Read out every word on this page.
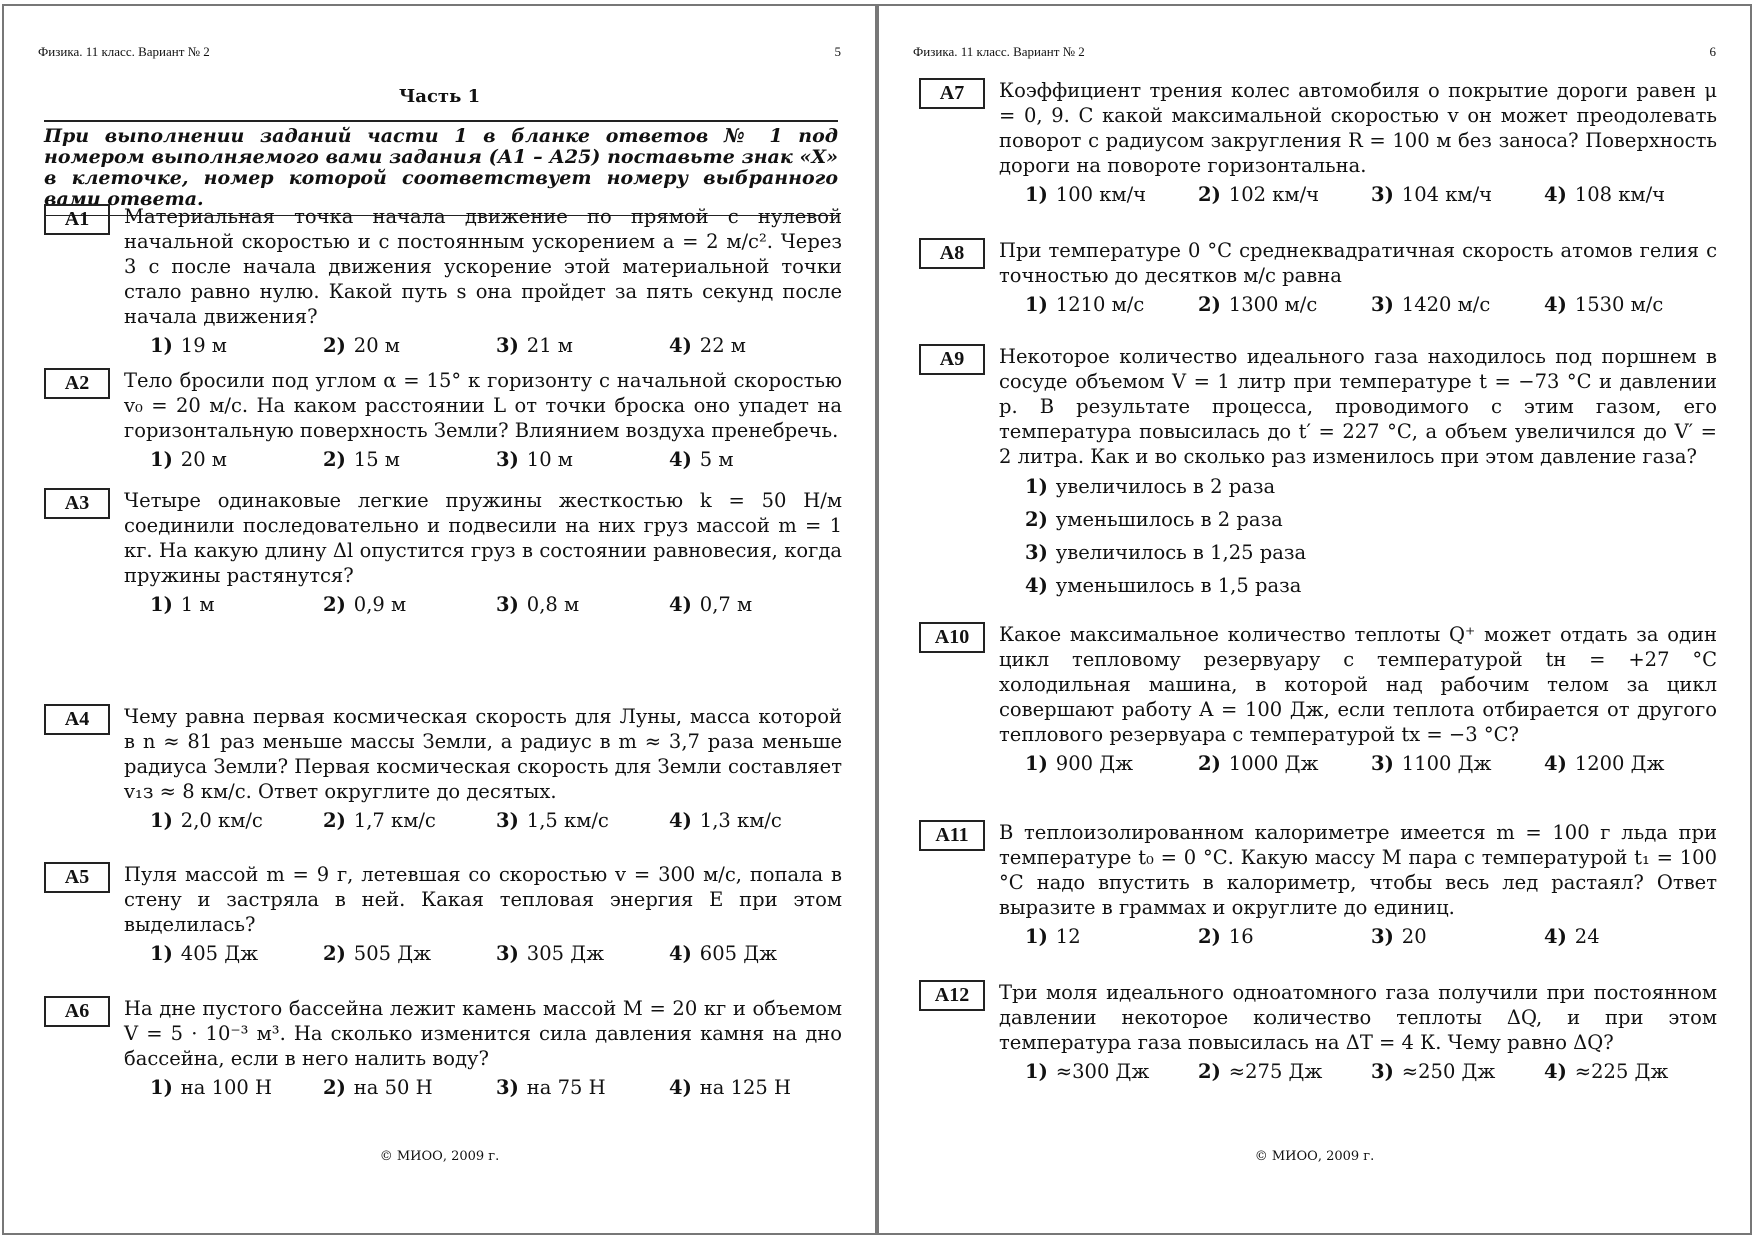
Физика. 11 класс. Вариант № 2	5
Часть 1
При выполнении заданий части 1 в бланке ответов № 1 под номером выполняемого вами задания (А1 – А25) поставьте знак «Х» в клеточке, номер которой соответствует номеру выбранного вами ответа.
А1	Материальная точка начала движение по прямой с нулевой начальной скоростью и с постоянным ускорением a = 2 м/с². Через 3 с после начала движения ускорение этой материальной точки стало равно нулю. Какой путь s она пройдет за пять секунд после начала движения?
1) 19 м	2) 20 м	3) 21 м	4) 22 м
А2	Тело бросили под углом α = 15° к горизонту с начальной скоростью v₀ = 20 м/с. На каком расстоянии L от точки броска оно упадет на горизонтальную поверхность Земли? Влиянием воздуха пренебречь.
1) 20 м	2) 15 м	3) 10 м	4) 5 м
А3	Четыре одинаковые легкие пружины жесткостью k = 50 Н/м соединили последовательно и подвесили на них груз массой m = 1 кг. На какую длину Δl опустится груз в состоянии равновесия, когда пружины растянутся?
1) 1 м	2) 0,9 м	3) 0,8 м	4) 0,7 м
А4	Чему равна первая космическая скорость для Луны, масса которой в n ≈ 81 раз меньше массы Земли, а радиус в m ≈ 3,7 раза меньше радиуса Земли? Первая космическая скорость для Земли составляет v₁з ≈ 8 км/с. Ответ округлите до десятых.
1) 2,0 км/с	2) 1,7 км/с	3) 1,5 км/с	4) 1,3 км/с
А5	Пуля массой m = 9 г, летевшая со скоростью v = 300 м/с, попала в стену и застряла в ней. Какая тепловая энергия E при этом выделилась?
1) 405 Дж	2) 505 Дж	3) 305 Дж	4) 605 Дж
А6	На дне пустого бассейна лежит камень массой M = 20 кг и объемом V = 5 · 10⁻³ м³. На сколько изменится сила давления камня на дно бассейна, если в него налить воду?
1) на 100 Н	2) на 50 Н	3) на 75 Н	4) на 125 Н
© МИОО, 2009 г.
Физика. 11 класс. Вариант № 2	6
А7	Коэффициент трения колес автомобиля о покрытие дороги равен μ = 0, 9. С какой максимальной скоростью v он может преодолевать поворот с радиусом закругления R = 100 м без заноса? Поверхность дороги на повороте горизонтальна.
1) 100 км/ч	2) 102 км/ч	3) 104 км/ч	4) 108 км/ч
А8	При температуре 0 °С среднеквадратичная скорость атомов гелия с точностью до десятков м/с равна
1) 1210 м/с	2) 1300 м/с	3) 1420 м/с	4) 1530 м/с
А9	Некоторое количество идеального газа находилось под поршнем в сосуде объемом V = 1 литр при температуре t = −73 °С и давлении p. В результате процесса, проводимого с этим газом, его температура повысилась до t′ = 227 °С, а объем увеличился до V′ = 2 литра. Как и во сколько раз изменилось при этом давление газа?
1) увеличилось в 2 раза
2) уменьшилось в 2 раза
3) увеличилось в 1,25 раза
4) уменьшилось в 1,5 раза
А10	Какое максимальное количество теплоты Q⁺ может отдать за один цикл тепловому резервуару с температурой tн = +27 °С холодильная машина, в которой над рабочим телом за цикл совершают работу A = 100 Дж, если теплота отбирается от другого теплового резервуара с температурой tх = −3 °С?
1) 900 Дж	2) 1000 Дж	3) 1100 Дж	4) 1200 Дж
А11	В теплоизолированном калориметре имеется m = 100 г льда при температуре t₀ = 0 °С. Какую массу M пара с температурой t₁ = 100 °С надо впустить в калориметр, чтобы весь лед растаял? Ответ выразите в граммах и округлите до единиц.
1) 12	2) 16	3) 20	4) 24
А12	Три моля идеального одноатомного газа получили при постоянном давлении некоторое количество теплоты ΔQ, и при этом температура газа повысилась на ΔT = 4 К. Чему равно ΔQ?
1) ≈300 Дж	2) ≈275 Дж	3) ≈250 Дж	4) ≈225 Дж
© МИОО, 2009 г.
